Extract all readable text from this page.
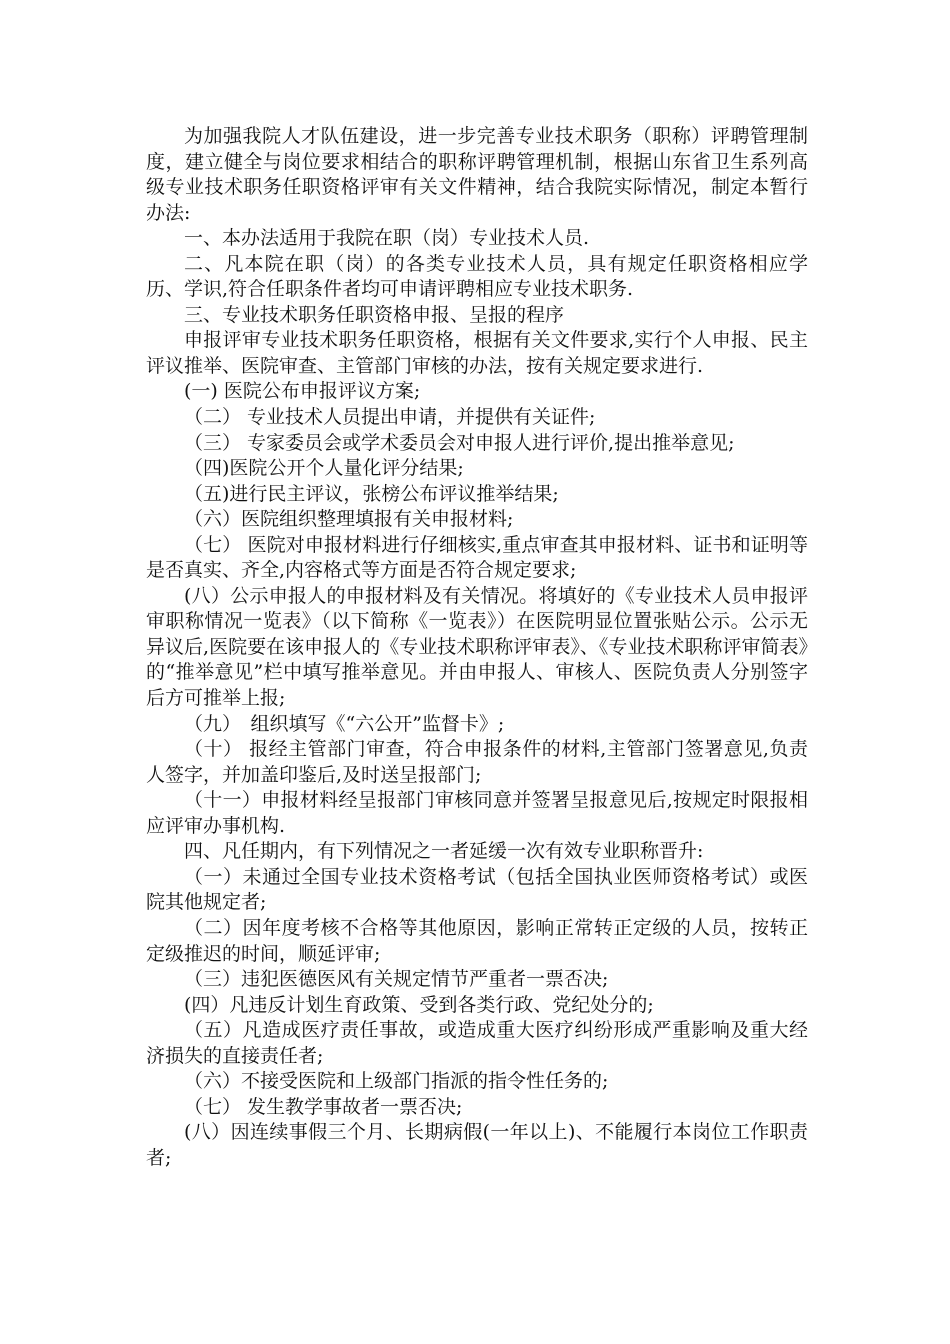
为加强我院人才队伍建设，进一步完善专业技术职务（职称）评聘管理制度，建立健全与岗位要求相结合的职称评聘管理机制，根据山东省卫生系列高级专业技术职务任职资格评审有关文件精神，结合我院实际情况，制定本暂行办法:

一、本办法适用于我院在职（岗）专业技术人员.

二、凡本院在职（岗）的各类专业技术人员，具有规定任职资格相应学历、学识,符合任职条件者均可申请评聘相应专业技术职务.

三、专业技术职务任职资格申报、呈报的程序

申报评审专业技术职务任职资格，根据有关文件要求,实行个人申报、民主评议推举、医院审查、主管部门审核的办法，按有关规定要求进行.

(一) 医院公布申报评议方案;

（二） 专业技术人员提出申请，并提供有关证件;

（三） 专家委员会或学术委员会对申报人进行评价,提出推举意见;

（四)医院公开个人量化评分结果;

（五)进行民主评议，张榜公布评议推举结果;

（六）医院组织整理填报有关申报材料;

（七） 医院对申报材料进行仔细核实,重点审查其申报材料、证书和证明等是否真实、齐全,内容格式等方面是否符合规定要求;

(八）公示申报人的申报材料及有关情况。将填好的《专业技术人员申报评审职称情况一览表》（以下简称《一览表》）在医院明显位置张贴公示。公示无异议后,医院要在该申报人的《专业技术职称评审表》、《专业技术职称评审简表》的“推举意见”栏中填写推举意见。并由申报人、审核人、医院负责人分别签字后方可推举上报;

（九）　组织填写《“六公开”监督卡》;

（十） 报经主管部门审查，符合申报条件的材料,主管部门签署意见,负责人签字，并加盖印鉴后,及时送呈报部门;

（十一）申报材料经呈报部门审核同意并签署呈报意见后,按规定时限报相应评审办事机构.

四、凡任期内，有下列情况之一者延缓一次有效专业职称晋升:

（一）未通过全国专业技术资格考试（包括全国执业医师资格考试）或医院其他规定者;

（二）因年度考核不合格等其他原因，影响正常转正定级的人员，按转正定级推迟的时间，顺延评审;

（三）违犯医德医风有关规定情节严重者一票否决;

(四）凡违反计划生育政策、受到各类行政、党纪处分的;

（五）凡造成医疗责任事故，或造成重大医疗纠纷形成严重影响及重大经济损失的直接责任者;

（六）不接受医院和上级部门指派的指令性任务的;

（七） 发生教学事故者一票否决;

(八）因连续事假三个月、长期病假(一年以上)、不能履行本岗位工作职责者;
